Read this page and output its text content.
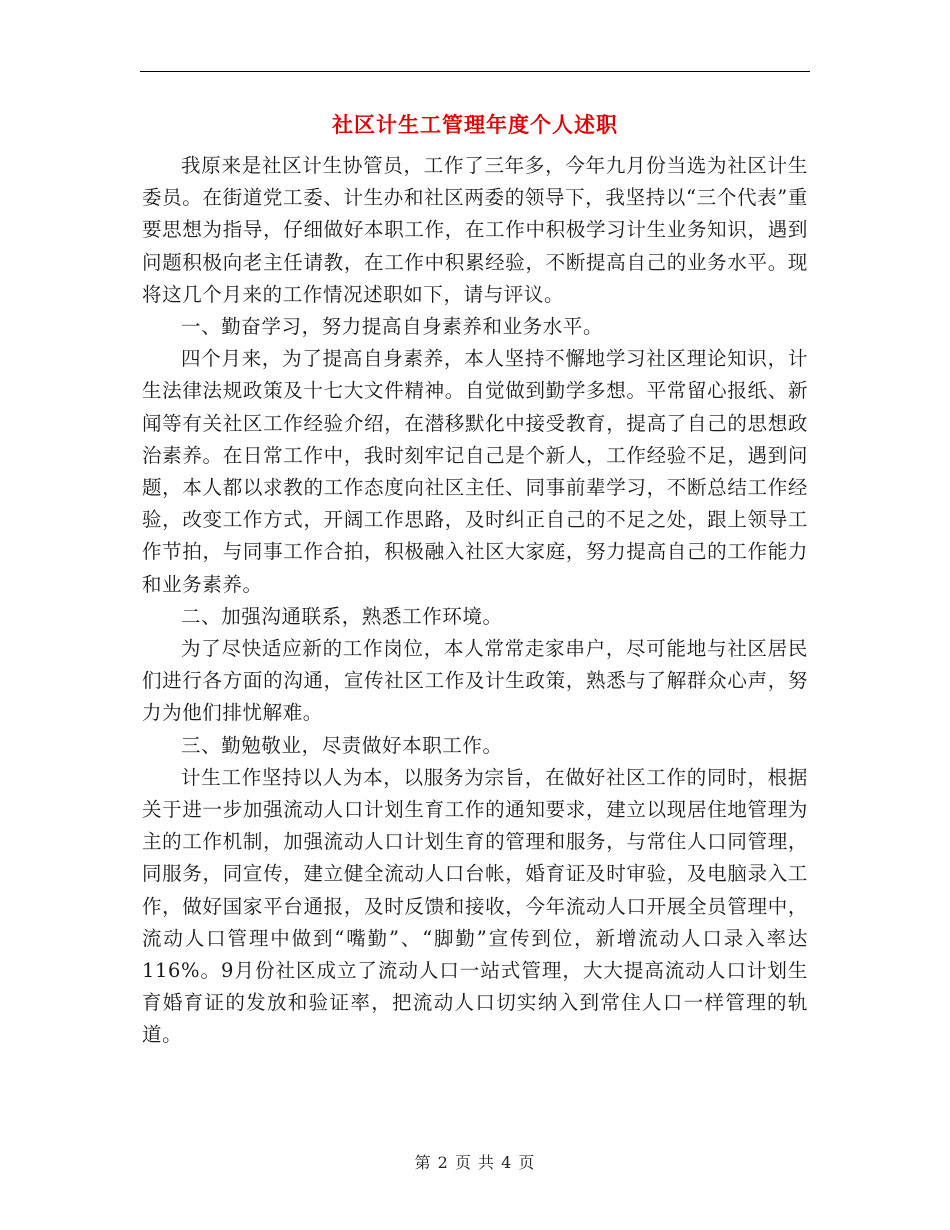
社区计生工管理年度个人述职

我原来是社区计生协管员，工作了三年多，今年九月份当选为社区计生委员。在街道党工委、计生办和社区两委的领导下，我坚持以“三个代表”重要思想为指导，仔细做好本职工作，在工作中积极学习计生业务知识，遇到问题积极向老主任请教，在工作中积累经验，不断提高自己的业务水平。现将这几个月来的工作情况述职如下，请与评议。

一、勤奋学习，努力提高自身素养和业务水平。

四个月来，为了提高自身素养，本人坚持不懈地学习社区理论知识，计生法律法规政策及十七大文件精神。自觉做到勤学多想。平常留心报纸、新闻等有关社区工作经验介绍，在潜移默化中接受教育，提高了自己的思想政治素养。在日常工作中，我时刻牢记自己是个新人，工作经验不足，遇到问题，本人都以求教的工作态度向社区主任、同事前辈学习，不断总结工作经验，改变工作方式，开阔工作思路，及时纠正自己的不足之处，跟上领导工作节拍，与同事工作合拍，积极融入社区大家庭，努力提高自己的工作能力和业务素养。

二、加强沟通联系，熟悉工作环境。

为了尽快适应新的工作岗位，本人常常走家串户，尽可能地与社区居民们进行各方面的沟通，宣传社区工作及计生政策，熟悉与了解群众心声，努力为他们排忧解难。

三、勤勉敬业，尽责做好本职工作。

计生工作坚持以人为本，以服务为宗旨，在做好社区工作的同时，根据关于进一步加强流动人口计划生育工作的通知要求，建立以现居住地管理为主的工作机制，加强流动人口计划生育的管理和服务，与常住人口同管理，同服务，同宣传，建立健全流动人口台帐，婚育证及时审验，及电脑录入工作，做好国家平台通报，及时反馈和接收，今年流动人口开展全员管理中，流动人口管理中做到“嘴勤”、“脚勤”宣传到位，新增流动人口录入率达116%。9月份社区成立了流动人口一站式管理，大大提高流动人口计划生育婚育证的发放和验证率，把流动人口切实纳入到常住人口一样管理的轨道。

第 2 页 共 4 页
